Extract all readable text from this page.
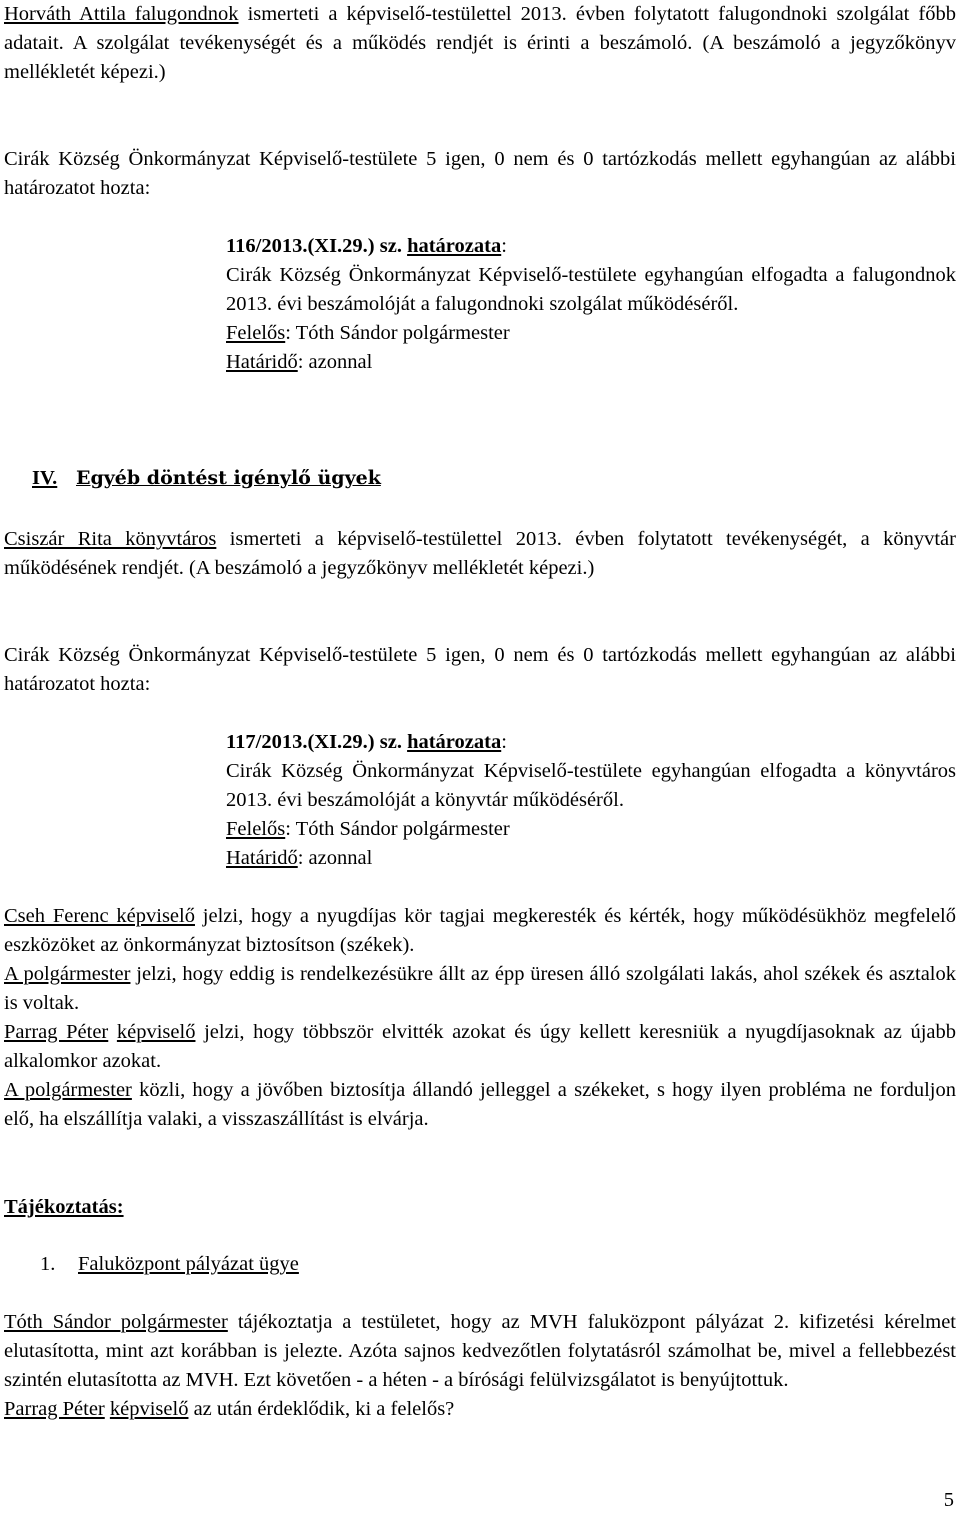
Horváth Attila falugondnok ismerteti a képviselő-testülettel 2013. évben folytatott falugondnoki szolgálat főbb adatait. A szolgálat tevékenységét és a működés rendjét is érinti a beszámoló. (A beszámoló a jegyzőkönyv mellékletét képezi.)

Cirák Község Önkormányzat Képviselő-testülete 5 igen, 0 nem és 0 tartózkodás mellett egyhangúan az alábbi határozatot hozta:

116/2013.(XI.29.) sz. határozata:

Cirák Község Önkormányzat Képviselő-testülete egyhangúan elfogadta a falugondnok 2013. évi beszámolóját a falugondnoki szolgálat működéséről.

Felelős: Tóth Sándor polgármester
Határidő: azonnal
IV. Egyéb döntést igénylő ügyek

Csiszár Rita könyvtáros ismerteti a képviselő-testülettel 2013. évben folytatott tevékenységét, a könyvtár működésének rendjét. (A beszámoló a jegyzőkönyv mellékletét képezi.)

Cirák Község Önkormányzat Képviselő-testülete 5 igen, 0 nem és 0 tartózkodás mellett egyhangúan az alábbi határozatot hozta:

117/2013.(XI.29.) sz. határozata:

Cirák Község Önkormányzat Képviselő-testülete egyhangúan elfogadta a könyvtáros 2013. évi beszámolóját a könyvtár működéséről.

Felelős: Tóth Sándor polgármester
Határidő: azonnal

Cseh Ferenc képviselő jelzi, hogy a nyugdíjas kör tagjai megkeresték és kérték, hogy működésükhöz megfelelő eszközöket az önkormányzat biztosítson (székek).

A polgármester jelzi, hogy eddig is rendelkezésükre állt az épp üresen álló szolgálati lakás, ahol székek és asztalok is voltak.

Parrag Péter képviselő jelzi, hogy többször elvitték azokat és úgy kellett keresniük a nyugdíjasoknak az újabb alkalomkor azokat.

A polgármester közli, hogy a jövőben biztosítja állandó jelleggel a székeket, s hogy ilyen probléma ne forduljon elő, ha elszállítja valaki, a visszaszállítást is elvárja.

Tájékoztatás:
1. Faluközpont pályázat ügye

Tóth Sándor polgármester tájékoztatja a testületet, hogy az MVH faluközpont pályázat 2. kifizetési kérelmet elutasította, mint azt korábban is jelezte. Azóta sajnos kedvezőtlen folytatásról számolhat be, mivel a fellebbezést szintén elutasította az MVH. Ezt követően - a héten - a bírósági felülvizsgálatot is benyújtottuk.

Parrag Péter képviselő az után érdeklődik, ki a felelős?

5
